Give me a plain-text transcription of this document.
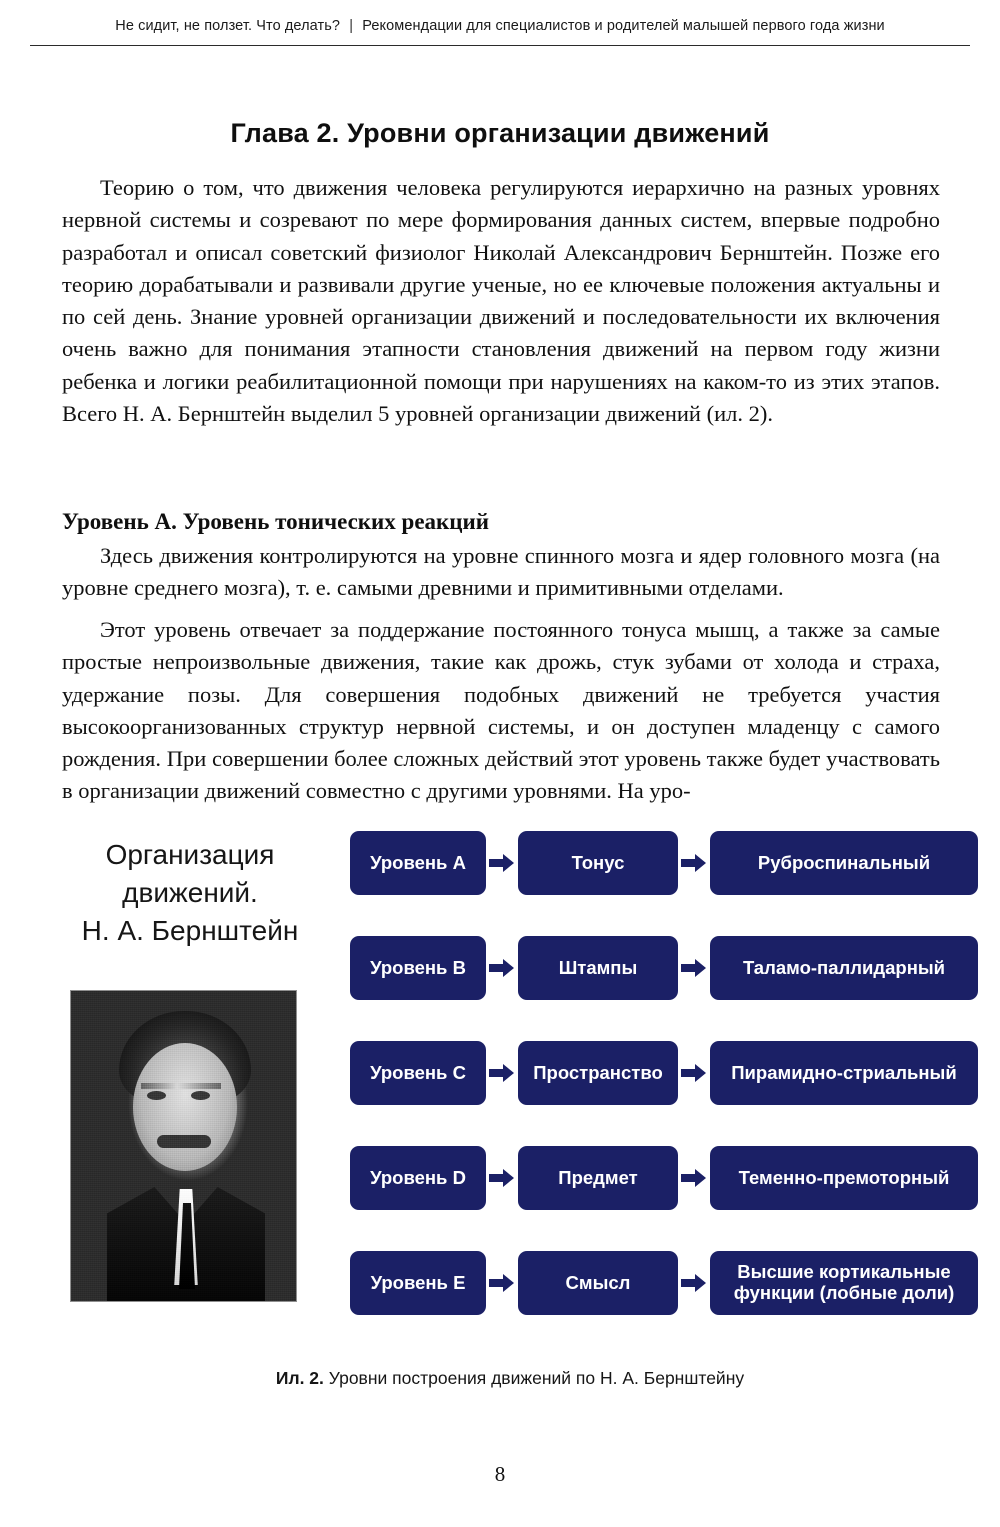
Не сидит, не ползет. Что делать? | Рекомендации для специалистов и родителей малышей первого года жизни
Глава 2. Уровни организации движений

Теорию о том, что движения человека регулируются иерархично на разных уровнях нервной системы и созревают по мере формирования данных систем, впервые подробно разработал и описал советский физиолог Николай Александрович Бернштейн. Позже его теорию дорабатывали и развивали другие ученые, но ее ключевые положения актуальны и по сей день. Знание уровней организации движений и последовательности их включения очень важно для понимания этапности становления движений на первом году жизни ребенка и логики реабилитационной помощи при нарушениях на каком-то из этих этапов. Всего Н. А. Бернштейн выделил 5 уровней организации движений (ил. 2).

Уровень А. Уровень тонических реакций

Здесь движения контролируются на уровне спинного мозга и ядер головного мозга (на уровне среднего мозга), т. е. самыми древними и примитивными отделами.

Этот уровень отвечает за поддержание постоянного тонуса мышц, а также за самые простые непроизвольные движения, такие как дрожь, стук зубами от холода и страха, удержание позы. Для совершения подобных движений не требуется участия высокоорганизованных структур нервной системы, и он доступен младенцу с самого рождения. При совершении более сложных действий этот уровень также будет участвовать в организации движений совместно с другими уровнями. На уро-

Организация
движений.
Н. А. Бернштейн
Уровень A	Тонус	Руброспинальный
Уровень B	Штампы	Таламо-паллидарный
Уровень C	Пространство	Пирамидно-стриальный
Уровень D	Предмет	Теменно-премоторный
Уровень E	Смысл	Высшие кортикальные функции (лобные доли)
Ил. 2. Уровни построения движений по Н. А. Бернштейну
8
